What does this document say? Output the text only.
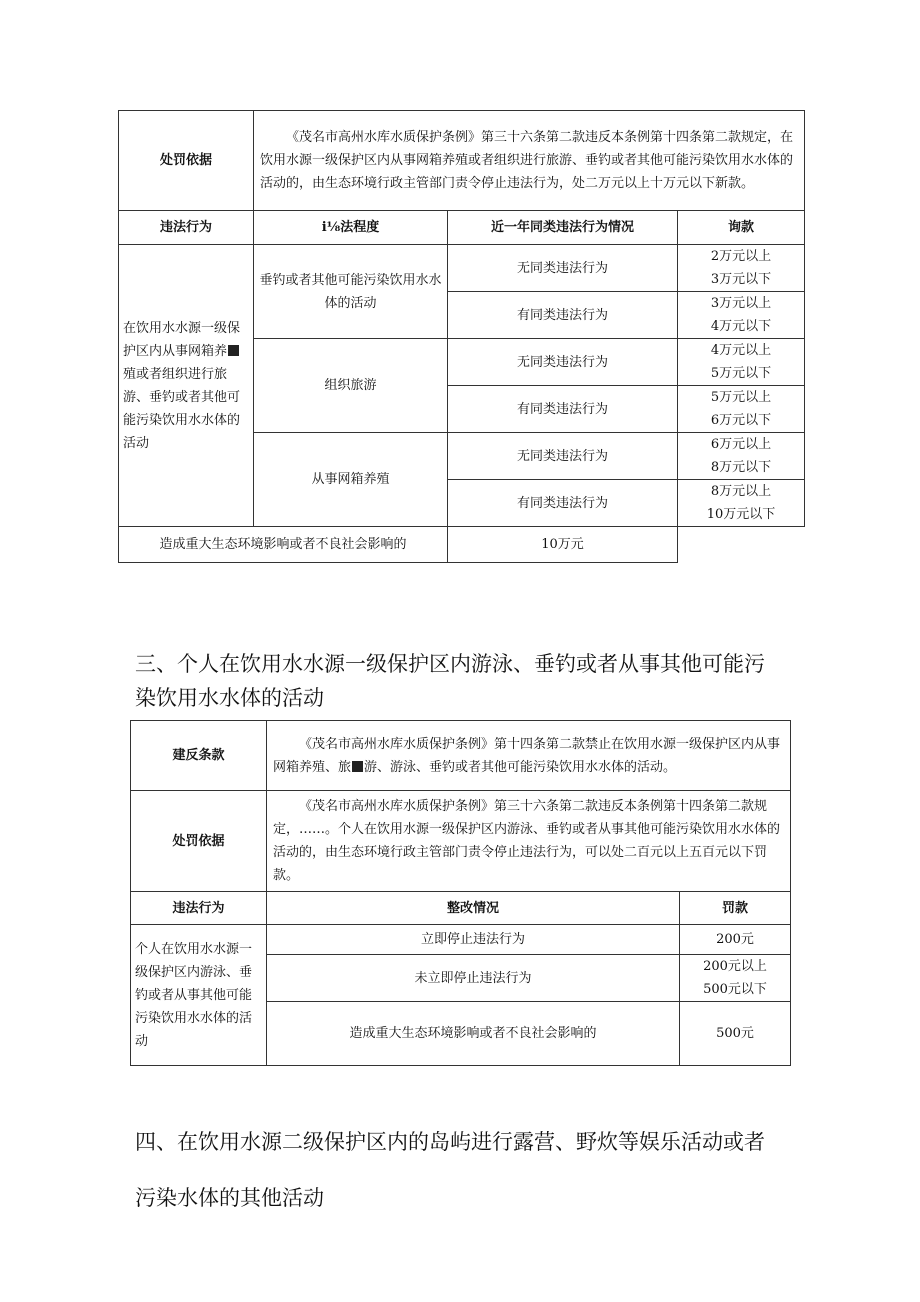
处罚依据	《茂名市高州水库水质保护条例》第三十六条第二款违反本条例第十四条第二款规定，在饮用水源一级保护区内从事网箱养殖或者组织进行旅游、垂钓或者其他可能污染饮用水水体的活动的，由生态环境行政主管部门责令停止违法行为，处二万元以上十万元以下新款。		
违法行为	i⅛法程度	近一年同类违法行为情况	询款
在饮用水水源一级保护区内从事网箱养殖或者组织进行旅游、垂钓或者其他可能污染饮用水水体的活动	垂钓或者其他可能污染饮用水水体的活动	无同类违法行为	2万元以上
3万元以下

		有同类违法行为	3万元以上
4万元以下

	组织旅游	无同类违法行为	4万元以上
5万元以下

		有同类违法行为	5万元以上
6万元以下

	从事网箱养殖	无同类违法行为	6万元以上
8万元以下

		有同类违法行为	8万元以上
10万元以下

造成重大生态环境影响或者不良社会影响的		10万元	
三、个人在饮用水水源一级保护区内游泳、垂钓或者从事其他可能污
染饮用水水体的活动
建反条款	《茂名市高州水库水质保护条例》第十四条第二款禁止在饮用水源一级保护区内从事网箱养殖、旅 游、游泳、垂钓或者其他可能污染饮用水水体的活动。	
处罚依据	《茂名市高州水库水质保护条例》第三十六条第二款违反本条例第十四条第二款规定，……。个人在饮用水源一级保护区内游泳、垂钓或者从事其他可能污染饮用水水体的活动的，由生态环境行政主管部门责令停止违法行为，可以处二百元以上五百元以下罚款。	
违法行为	整改情况	罚款
个人在饮用水水源一级保护区内游泳、垂钓或者从事其他可能污染饮用水水体的活动	立即停止违法行为	200元
	未立即停止违法行为	200元以上
500元以下

	造成重大生态环境影响或者不良社会影响的	500元
四、在饮用水源二级保护区内的岛屿进行露营、野炊等娱乐活动或者
污染水体的其他活动
